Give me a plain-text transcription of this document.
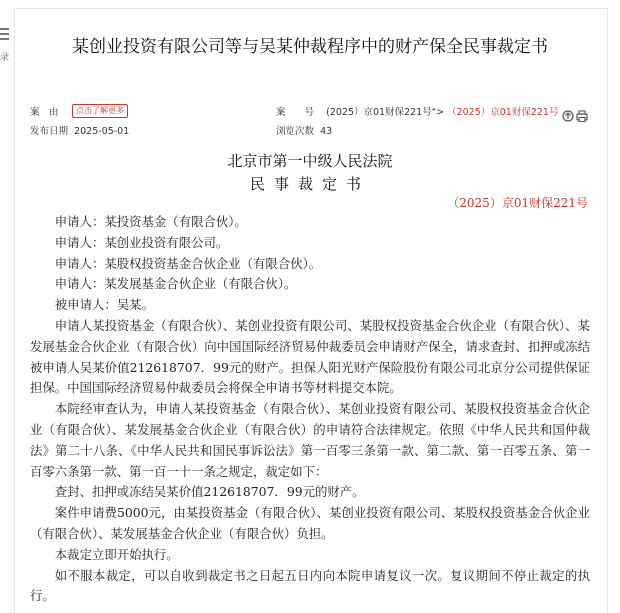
录
某创业投资有限公司等与吴某仲裁程序中的财产保全民事裁定书
案　由	点击了解更多	案　　号 (2025）京01财保221号"> （2025）京01财保221号
发布日期 2025-05-01	浏览次数 43
北京市第一中级人民法院
民事裁定书
（2025）京01财保221号

申请人：某投资基金（有限合伙）。

申请人：某创业投资有限公司。

申请人：某股权投资基金合伙企业（有限合伙）。

申请人：某发展基金合伙企业（有限合伙）。

被申请人：吴某。

申请人某投资基金（有限合伙）、某创业投资有限公司、某股权投资基金合伙企业（有限合伙）、某发展基金合伙企业（有限合伙）向中国国际经济贸易仲裁委员会申请财产保全，请求查封、扣押或冻结被申请人吴某价值212618707．99元的财产。担保人阳光财产保险股份有限公司北京分公司提供保证担保。中国国际经济贸易仲裁委员会将保全申请书等材料提交本院。

本院经审查认为，申请人某投资基金（有限合伙）、某创业投资有限公司、某股权投资基金合伙企业（有限合伙）、某发展基金合伙企业（有限合伙）的申请符合法律规定。依照《中华人民共和国仲裁法》第二十八条、《中华人民共和国民事诉讼法》第一百零三条第一款、第二款、第一百零五条、第一百零六条第一款、第一百一十一条之规定，裁定如下：

查封、扣押或冻结吴某价值212618707．99元的财产。

案件申请费5000元，由某投资基金（有限合伙）、某创业投资有限公司、某股权投资基金合伙企业（有限合伙）、某发展基金合伙企业（有限合伙）负担。

本裁定立即开始执行。

如不服本裁定，可以自收到裁定书之日起五日内向本院申请复议一次。复议期间不停止裁定的执行。
